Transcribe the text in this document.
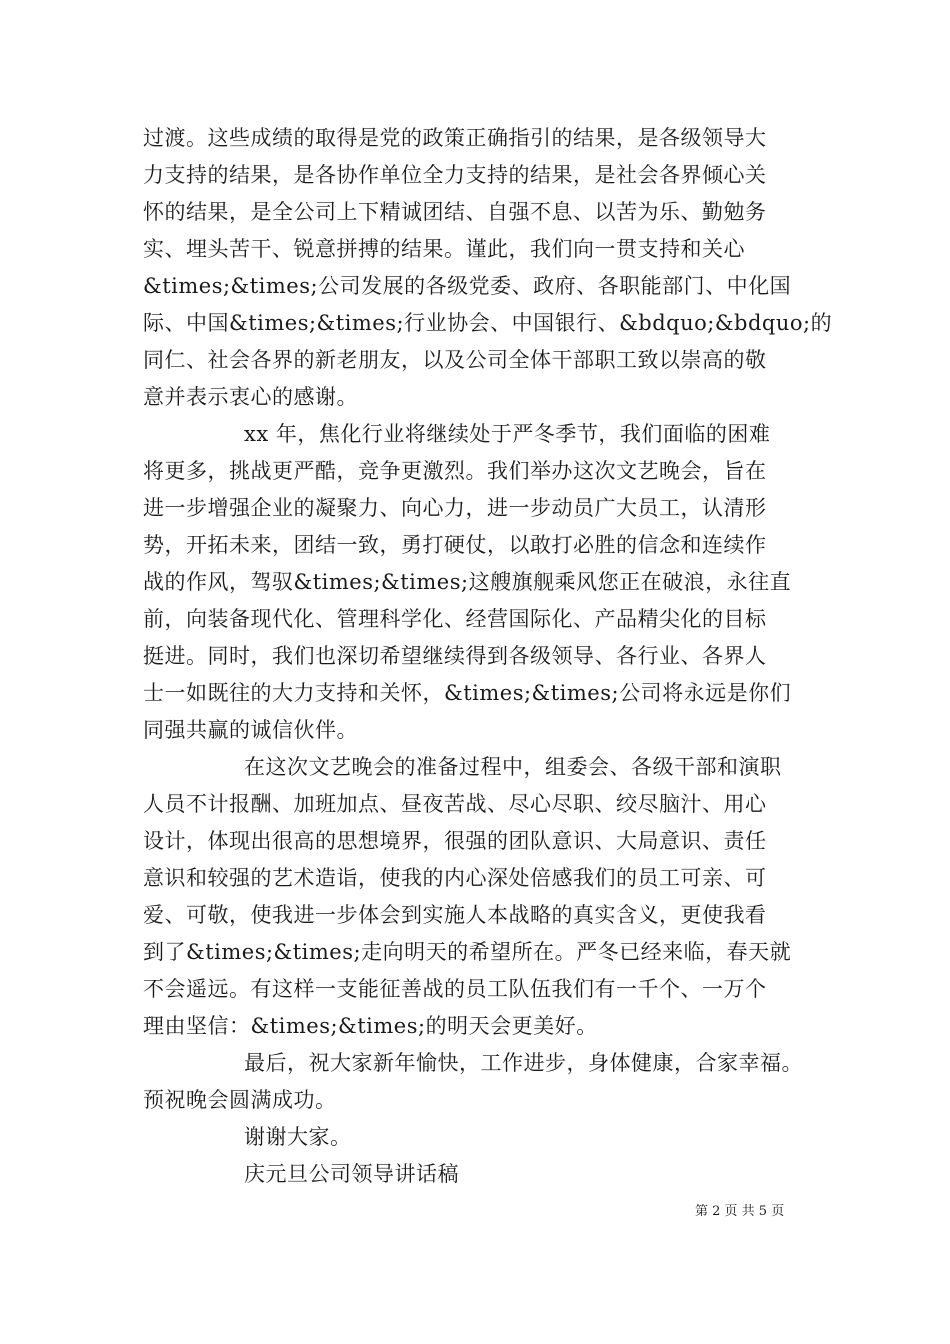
过渡。这些成绩的取得是党的政策正确指引的结果，是各级领导大
力支持的结果，是各协作单位全力支持的结果，是社会各界倾心关
怀的结果，是全公司上下精诚团结、自强不息、以苦为乐、勤勉务
实、埋头苦干、锐意拼搏的结果。谨此，我们向一贯支持和关心
&times;&times;公司发展的各级党委、政府、各职能部门、中化国
际、中国&times;&times;行业协会、中国银行、&bdquo;&bdquo;的
同仁、社会各界的新老朋友，以及公司全体干部职工致以崇高的敬
意并表示衷心的感谢。
xx 年，焦化行业将继续处于严冬季节，我们面临的困难
将更多，挑战更严酷，竞争更激烈。我们举办这次文艺晚会，旨在
进一步增强企业的凝聚力、向心力，进一步动员广大员工，认清形
势，开拓未来，团结一致，勇打硬仗，以敢打必胜的信念和连续作
战的作风，驾驭&times;&times;这艘旗舰乘风您正在破浪，永往直
前，向装备现代化、管理科学化、经营国际化、产品精尖化的目标
挺进。同时，我们也深切希望继续得到各级领导、各行业、各界人
士一如既往的大力支持和关怀，&times;&times;公司将永远是你们
同强共赢的诚信伙伴。
在这次文艺晚会的准备过程中，组委会、各级干部和演职
人员不计报酬、加班加点、昼夜苦战、尽心尽职、绞尽脑汁、用心
设计，体现出很高的思想境界，很强的团队意识、大局意识、责任
意识和较强的艺术造诣，使我的内心深处倍感我们的员工可亲、可
爱、可敬，使我进一步体会到实施人本战略的真实含义，更使我看
到了&times;&times;走向明天的希望所在。严冬已经来临，春天就
不会遥远。有这样一支能征善战的员工队伍我们有一千个、一万个
理由坚信：&times;&times;的明天会更美好。
最后，祝大家新年愉快，工作进步，身体健康，合家幸福。
预祝晚会圆满成功。
谢谢大家。
庆元旦公司领导讲话稿
第 2 页 共 5 页
